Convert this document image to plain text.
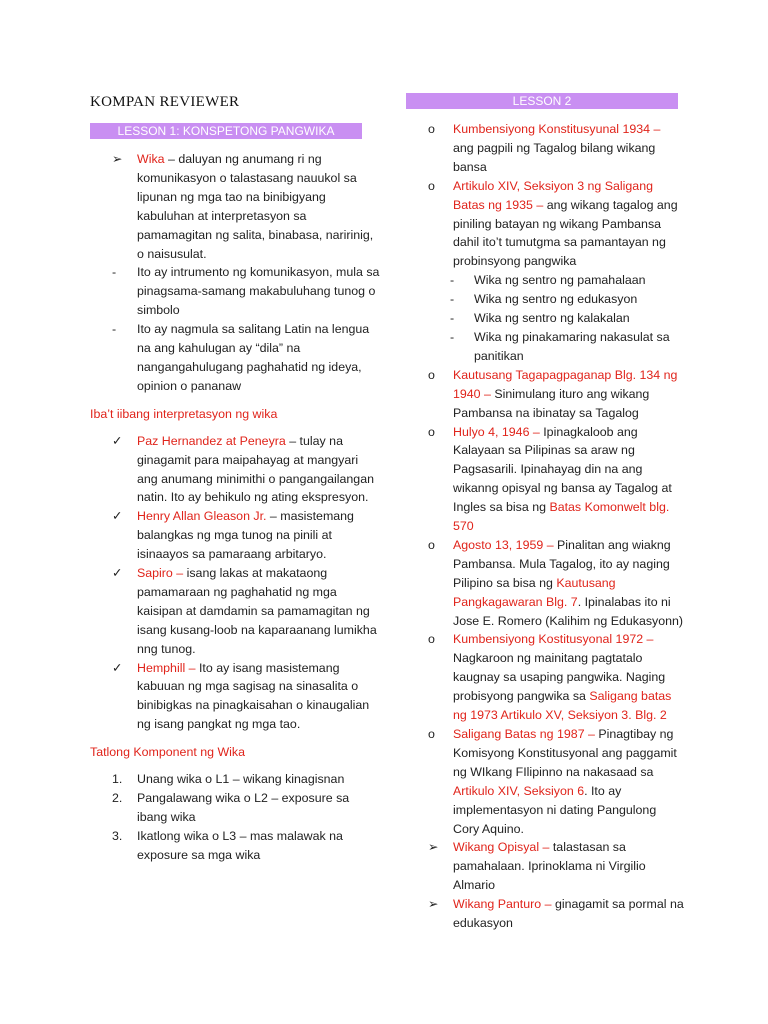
KOMPAN REVIEWER
LESSON 1: KONSPETONG PANGWIKA
LESSON 2
➢	Wika – daluyan ng anumang ri ng komunikasyon o talastasang nauukol sa lipunan ng mga tao na binibigyang kabuluhan at interpretasyon sa pamamagitan ng salita, binabasa, naririnig, o naisusulat.
-	Ito ay intrumento ng komunikasyon, mula sa pinagsama-samang makabuluhang tunog o simbolo
-	Ito ay nagmula sa salitang Latin na lengua na ang kahulugan ay “dila” na nangangahulugang paghahatid ng ideya, opinion o pananaw
Iba’t iibang interpretasyon ng wika
✓	Paz Hernandez at Peneyra – tulay na ginagamit para maipahayag at mangyari ang anumang minimithi o pangangailangan natin. Ito ay behikulo ng ating ekspresyon.
✓	Henry Allan Gleason Jr. – masistemang balangkas ng mga tunog na pinili at isinaayos sa pamaraang arbitaryo.
✓	Sapiro – isang lakas at makataong pamamaraan ng paghahatid ng mga kaisipan at damdamin sa pamamagitan ng isang kusang-loob na kaparaanang lumikha nng tunog.
✓	Hemphill – Ito ay isang masistemang kabuuan ng mga sagisag na sinasalita o binibigkas na pinagkaisahan o kinaugalian ng isang pangkat ng mga tao.
Tatlong Komponent ng Wika
1.	Unang wika o L1 – wikang kinagisnan
2.	Pangalawang wika o L2 – exposure sa ibang wika
3.	Ikatlong wika o L3 – mas malawak na exposure sa mga wika
o	Kumbensiyong Konstitusyunal 1934 – ang pagpili ng Tagalog bilang wikang bansa
o	Artikulo XIV, Seksiyon 3 ng Saligang Batas ng 1935 – ang wikang tagalog ang piniling batayan ng wikang Pambansa dahil ito’t tumutgma sa pamantayan ng probinsyong pangwika
-	Wika ng sentro ng pamahalaan
-	Wika ng sentro ng edukasyon
-	Wika ng sentro ng kalakalan
-	Wika ng pinakamaring nakasulat sa panitikan
o	Kautusang Tagapagpaganap Blg. 134 ng 1940 – Sinimulang ituro ang wikang Pambansa na ibinatay sa Tagalog
o	Hulyo 4, 1946 – Ipinagkaloob ang Kalayaan sa Pilipinas sa araw ng Pagsasarili. Ipinahayag din na ang wikanng opisyal ng bansa ay Tagalog at Ingles sa bisa ng Batas Komonwelt blg. 570
o	Agosto 13, 1959 – Pinalitan ang wiakng Pambansa. Mula Tagalog, ito ay naging Pilipino sa bisa ng Kautusang Pangkagawaran Blg. 7. Ipinalabas ito ni Jose E. Romero (Kalihim ng Edukasyonn)
o	Kumbensiyong Kostitusyonal 1972 – Nagkaroon ng mainitang pagtatalo kaugnay sa usaping pangwika. Naging probisyong pangwika sa Saligang batas ng 1973 Artikulo XV, Seksiyon 3. Blg. 2
o	Saligang Batas ng 1987 – Pinagtibay ng Komisyong Konstitusyonal ang paggamit ng WIkang FIlipinno na nakasaad sa Artikulo XIV, Seksiyon 6. Ito ay implementasyon ni dating Pangulong Cory Aquino.
➢	Wikang Opisyal – talastasan sa pamahalaan. Iprinoklama ni Virgilio Almario
➢	Wikang Panturo – ginagamit sa pormal na edukasyon
